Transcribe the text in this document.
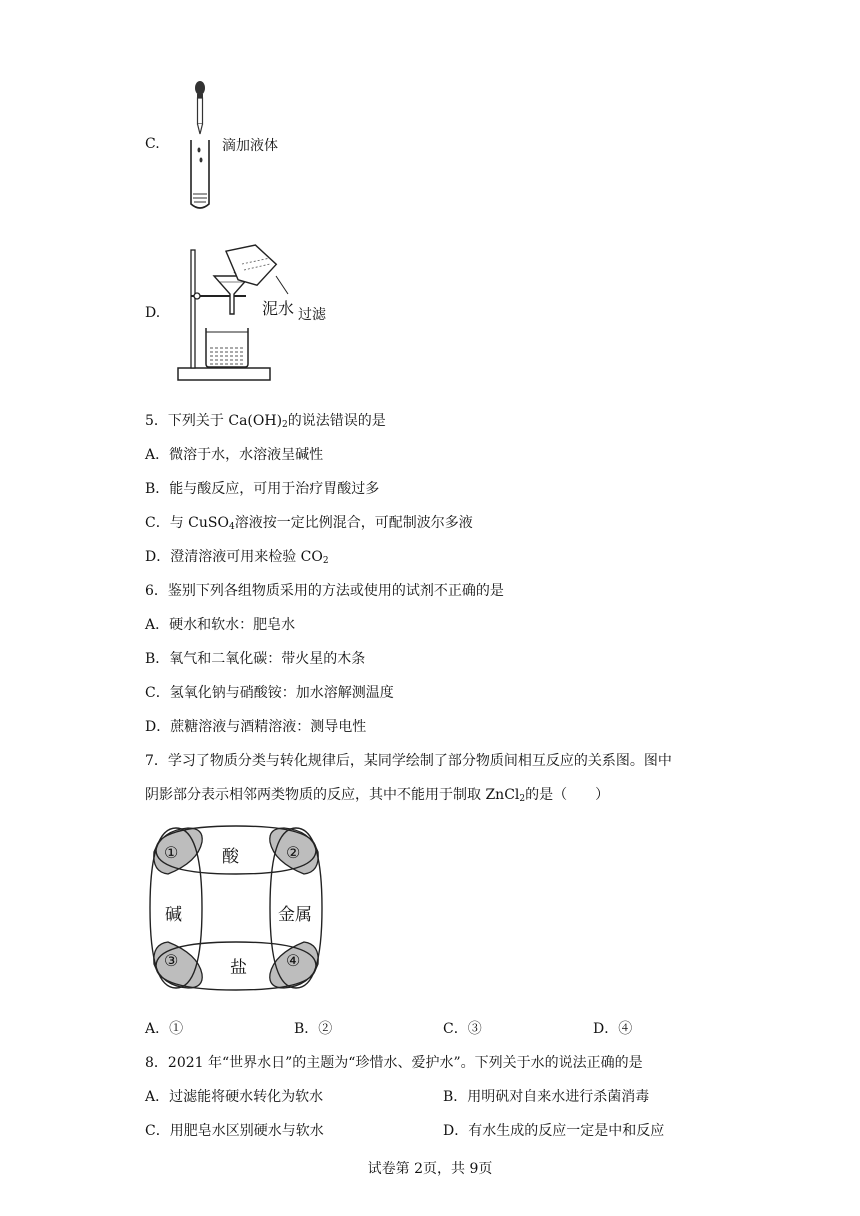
C.	滴加液体
D.	泥水 过滤
5．下列关于 $Ca(OH)_2$的说法错误的是
A．微溶于水，水溶液呈碱性
B．能与酸反应，可用于治疗胃酸过多
C．与 CuSO$_4$溶液按一定比例混合，可配制波尔多液
D．澄清溶液可用来检验 $CO_2$
6．鉴别下列各组物质采用的方法或使用的试剂不正确的是
A．硬水和软水：肥皂水
B．氧气和二氧化碳：带火星的木条
C．氢氧化钠与硝酸铵：加水溶解测温度
D．蔗糖溶液与酒精溶液：测导电性
7．学习了物质分类与转化规律后，某同学绘制了部分物质间相互反应的关系图。图中
阴影部分表示相邻两类物质的反应，其中不能用于制取 ZnCl$_2$的是（　　）
酸
碱	金属
盐
①	②
③	④
A．①	B．②	C．③	D．④
8．2021 年“世界水日”的主题为“珍惜水、爱护水”。下列关于水的说法正确的是
A．过滤能将硬水转化为软水	B．用明矾对自来水进行杀菌消毒
C．用肥皂水区别硬水与软水	D．有水生成的反应一定是中和反应
试卷第 2页，共 9页
